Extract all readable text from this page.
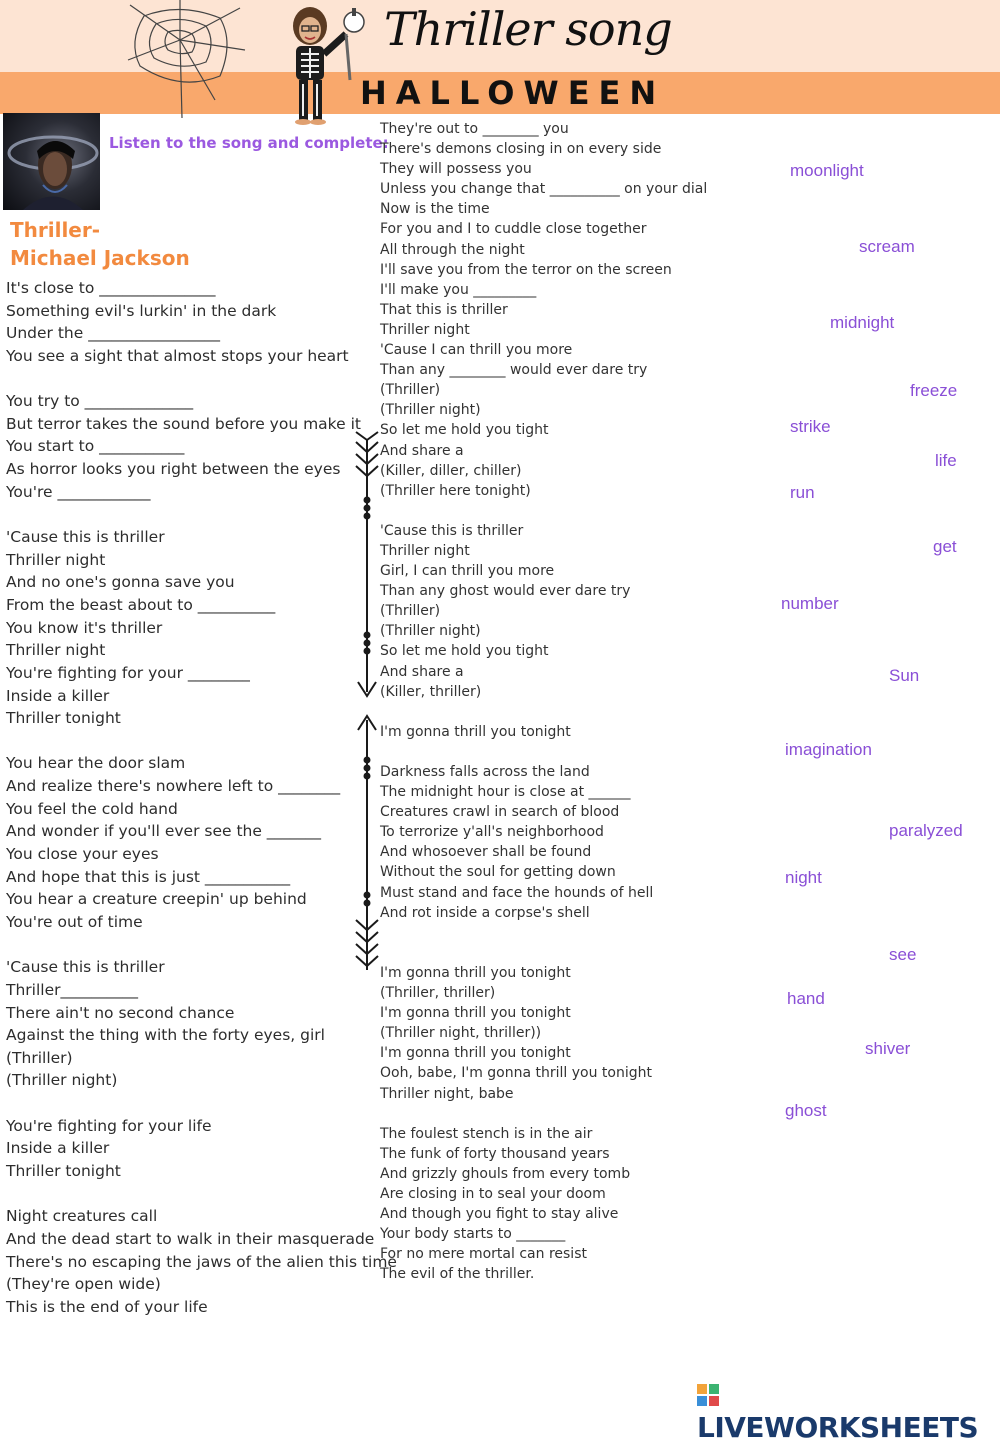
Thriller song
HALLOWEEN
Listen to the song and complete:
Thriller-
Michael Jackson
It's close to _______________
Something evil's lurkin' in the dark
Under the _________________
You see a sight that almost stops your heart
You try to ______________
But terror takes the sound before you make it
You start to ___________
As horror looks you right between the eyes
You're ____________
'Cause this is thriller
Thriller night
And no one's gonna save you
From the beast about to __________
You know it's thriller
Thriller night
You're fighting for your ________
Inside a killer
Thriller tonight
You hear the door slam
And realize there's nowhere left to ________
You feel the cold hand
And wonder if you'll ever see the _______
You close your eyes
And hope that this is just ___________
You hear a creature creepin' up behind
You're out of time
'Cause this is thriller
Thriller__________
There ain't no second chance
Against the thing with the forty eyes, girl
(Thriller)
(Thriller night)
You're fighting for your life
Inside a killer
Thriller tonight
Night creatures call
And the dead start to walk in their masquerade
There's no escaping the jaws of the alien this time
(They're open wide)
This is the end of your life
They're out to ________ you
There's demons closing in on every side
They will possess you
Unless you change that __________ on your dial
Now is the time
For you and I to cuddle close together
All through the night
I'll save you from the terror on the screen
I'll make you _________
That this is thriller
Thriller night
'Cause I can thrill you more
Than any ________ would ever dare try
(Thriller)
(Thriller night)
So let me hold you tight
And share a
(Killer, diller, chiller)
(Thriller here tonight)
'Cause this is thriller
Thriller night
Girl, I can thrill you more
Than any ghost would ever dare try
(Thriller)
(Thriller night)
So let me hold you tight
And share a
(Killer, thriller)
I'm gonna thrill you tonight
Darkness falls across the land
The midnight hour is close at ______
Creatures crawl in search of blood
To terrorize y'all's neighborhood
And whosoever shall be found
Without the soul for getting down
Must stand and face the hounds of hell
And rot inside a corpse's shell
I'm gonna thrill you tonight
(Thriller, thriller)
I'm gonna thrill you tonight
(Thriller night, thriller))
I'm gonna thrill you tonight
Ooh, babe, I'm gonna thrill you tonight
Thriller night, babe
The foulest stench is in the air
The funk of forty thousand years
And grizzly ghouls from every tomb
Are closing in to seal your doom
And though you fight to stay alive
Your body starts to _______
For no mere mortal can resist
The evil of the thriller.
moonlight
scream
midnight
freeze
strike
life
run
get
number
Sun
imagination
paralyzed
night
see
hand
shiver
ghost
LIVEWORKSHEETS
